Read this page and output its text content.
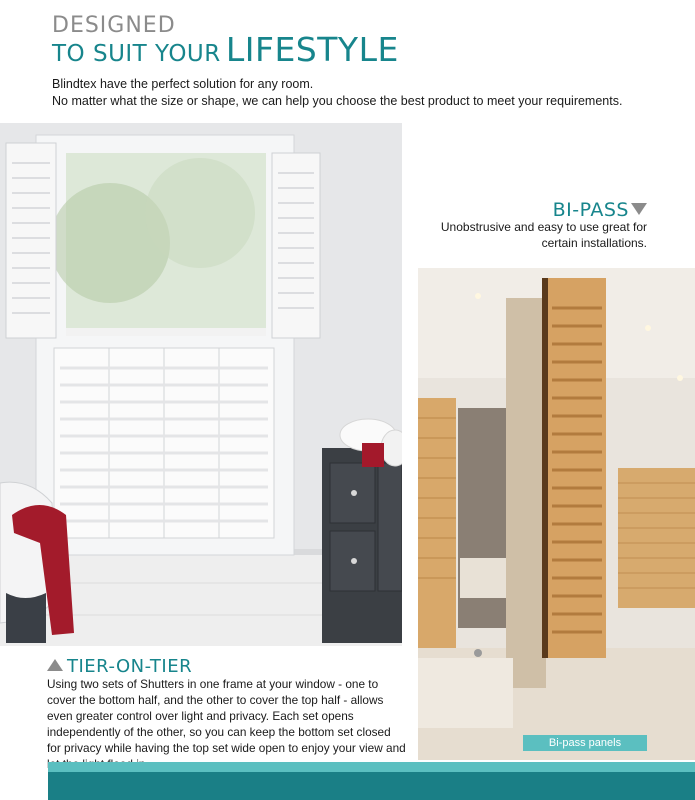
DESIGNED
TO SUIT YOUR LIFESTYLE

Blindtex have the perfect solution for any room.

No matter what the size or shape, we can help you choose the best product to meet your requirements.

BI-PASS
Unobstrusive and easy to use great for certain installations.
TIER-ON-TIER
Using two sets of Shutters in one frame at your window - one to cover the bottom half, and the other to cover the top half - allows even greater control over light and privacy. Each set opens independently of the other, so you can keep the bottom set closed for privacy while having the top set wide open to enjoy your view and	Bi-pass panels
